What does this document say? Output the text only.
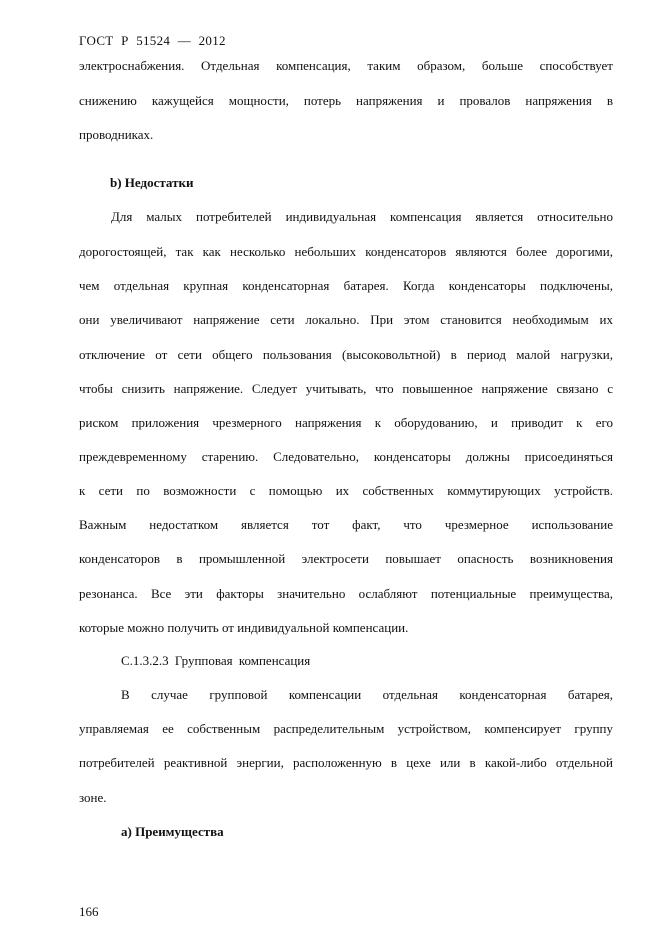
ГОСТ Р 51524 — 2012
электроснабжения. Отдельная компенсация, таким образом, больше способствует
снижению кажущейся мощности, потерь напряжения и провалов напряжения в
проводниках.
b) Недостатки
Для малых потребителей индивидуальная компенсация является относительно
дорогостоящей, так как несколько небольших конденсаторов являются более дорогими,
чем отдельная крупная конденсаторная батарея. Когда конденсаторы подключены,
они увеличивают напряжение сети локально. При этом становится необходимым их
отключение от сети общего пользования (высоковольтной) в период малой нагрузки,
чтобы снизить напряжение. Следует учитывать, что повышенное напряжение связано с
риском приложения чрезмерного напряжения к оборудованию, и приводит к его
преждевременному старению. Следовательно, конденсаторы должны присоединяться
к сети по возможности с помощью их собственных коммутирующих устройств.
Важным недостатком является тот факт, что чрезмерное использование
конденсаторов в промышленной электросети повышает опасность возникновения
резонанса. Все эти факторы значительно ослабляют потенциальные преимущества,
которые можно получить от индивидуальной компенсации.
С.1.3.2.3 Групповая компенсация
В случае групповой компенсации отдельная конденсаторная батарея,
управляемая ее собственным распределительным устройством, компенсирует группу
потребителей реактивной энергии, расположенную в цехе или в какой-либо отдельной
зоне.
а) Преимущества
166
